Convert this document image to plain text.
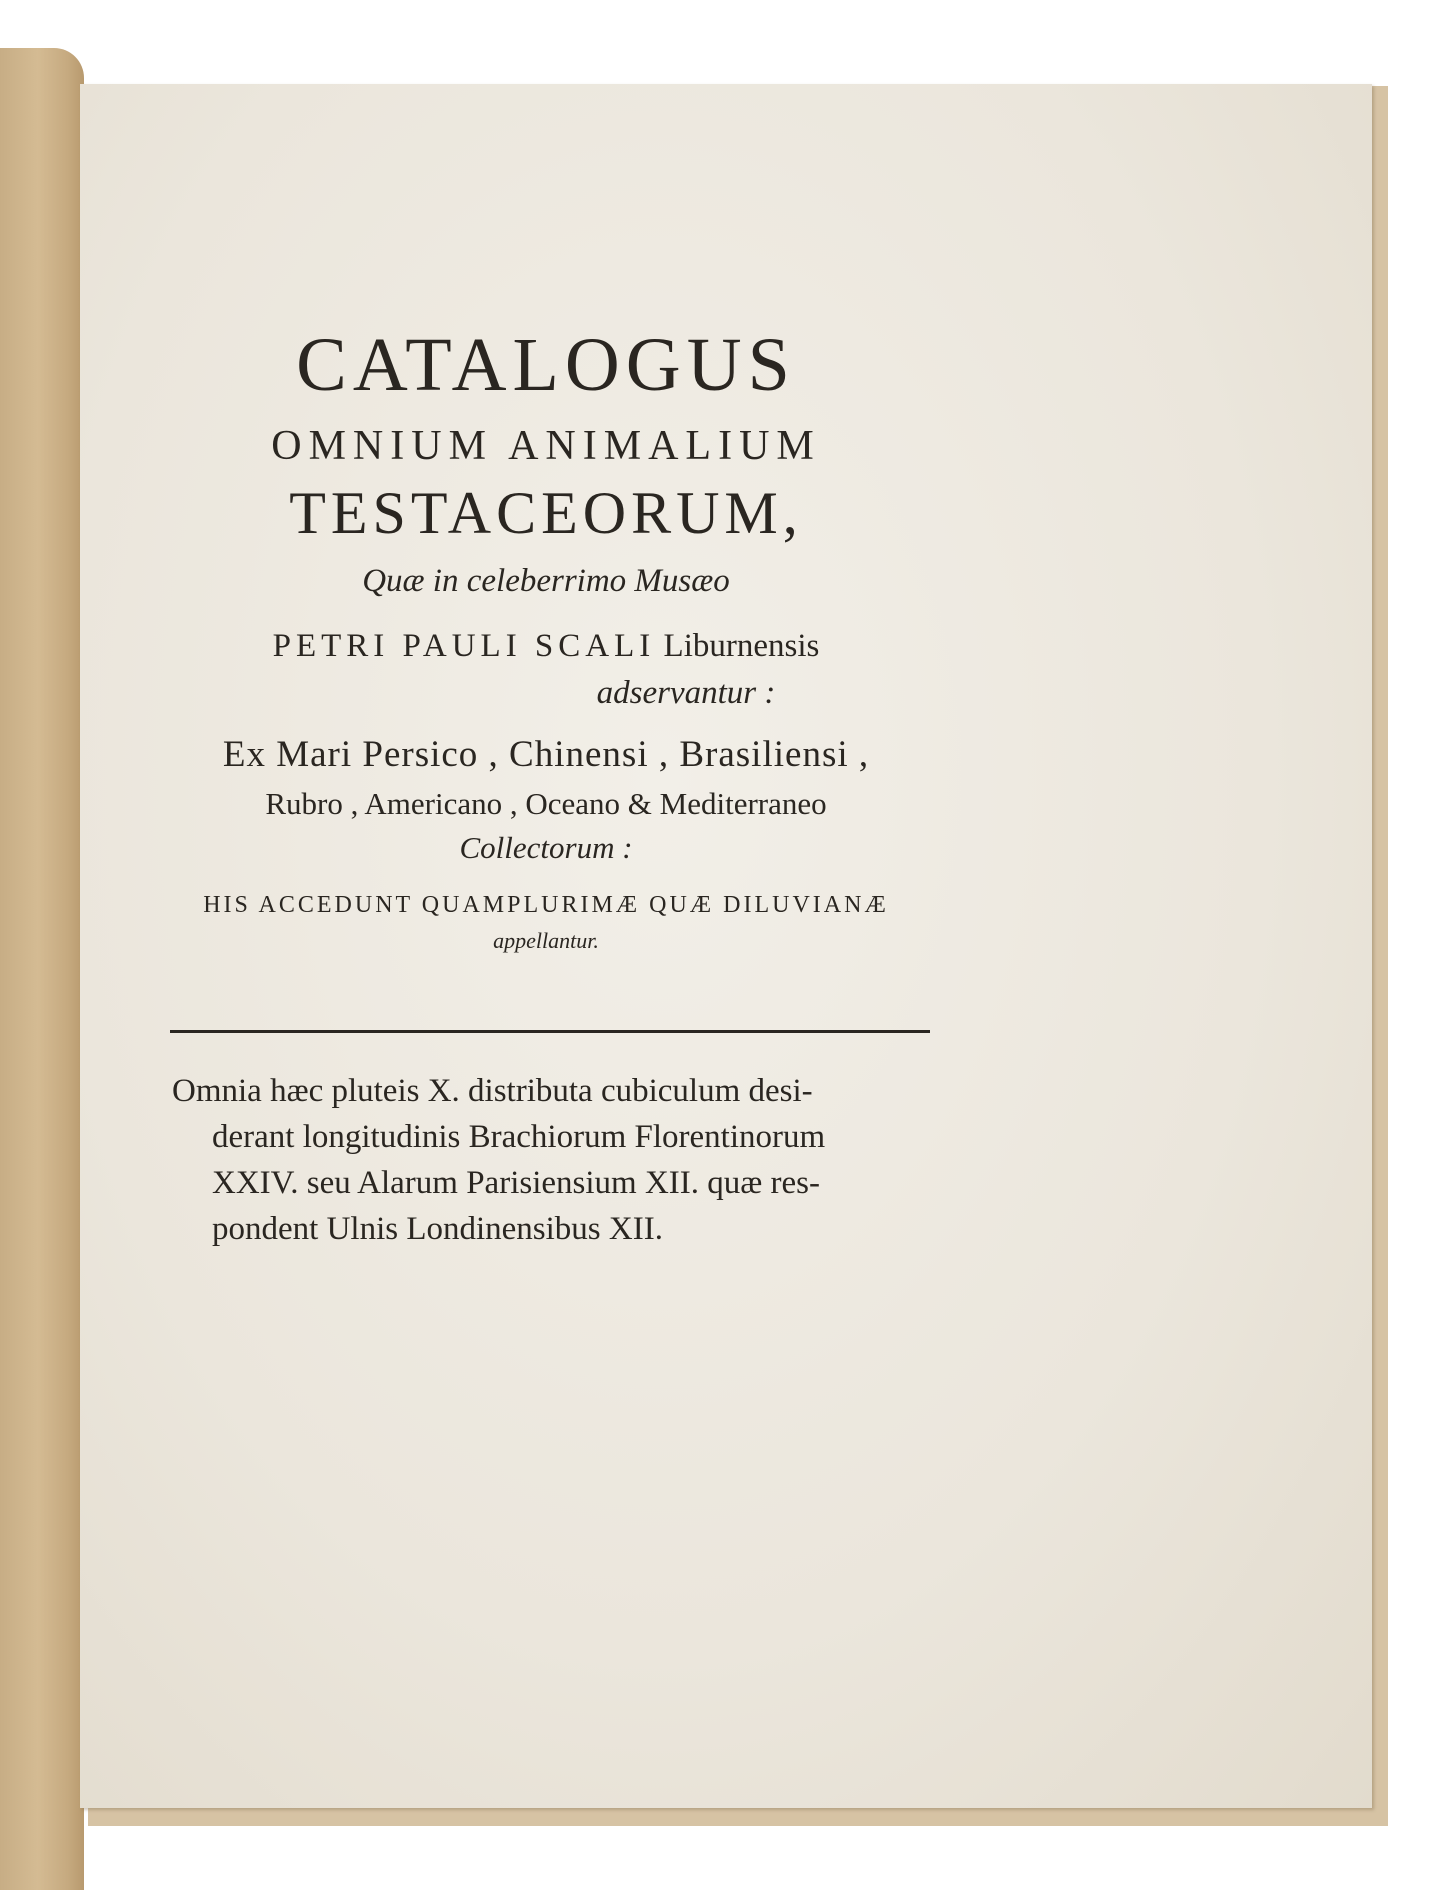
CATALOGUS
OMNIUM ANIMALIUM
TESTACEORUM,
Quæ in celeberrimo Musæo
PETRI PAULI SCALI Liburnensis
adservantur :
Ex Mari Persico , Chinensi , Brasiliensi ,
Rubro , Americano , Oceano & Mediterraneo
Collectorum :
HIS ACCEDUNT QUAMPLURIMÆ QUÆ DILUVIANÆ
appellantur.
Omnia hæc pluteis X. distributa cubiculum desi-
derant longitudinis Brachiorum Florentinorum
XXIV. seu Alarum Parisiensium XII. quæ res-
pondent Ulnis Londinensibus XII.
